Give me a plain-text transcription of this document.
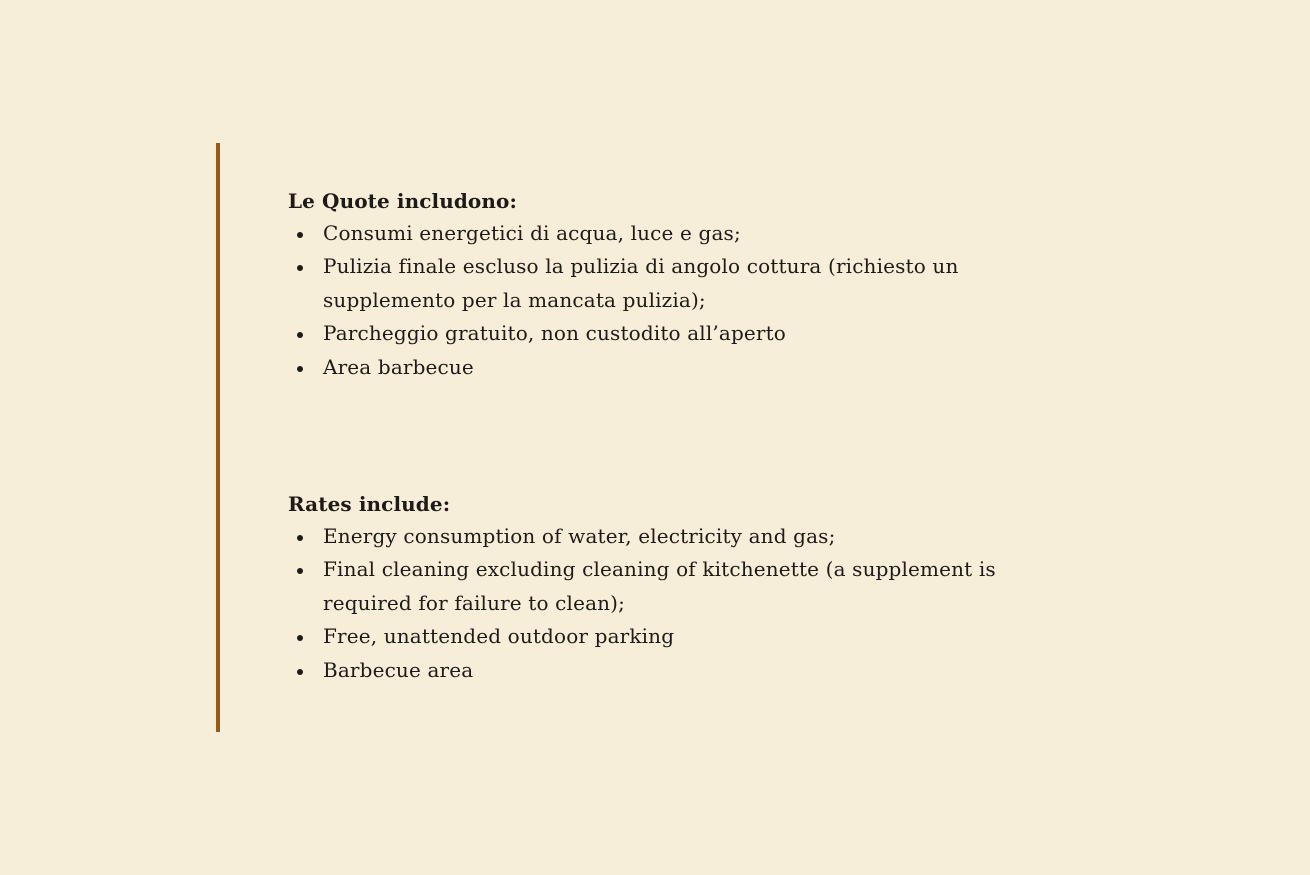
Le Quote includono:

Consumi energetici di acqua, luce e gas;
Pulizia finale escluso la pulizia di angolo cottura (richiesto un supplemento per la mancata pulizia);
Parcheggio gratuito, non custodito all’aperto
Area barbecue

Rates include:

Energy consumption of water, electricity and gas;
Final cleaning excluding cleaning of kitchenette (a supplement is required for failure to clean);
Free, unattended outdoor parking
Barbecue area
